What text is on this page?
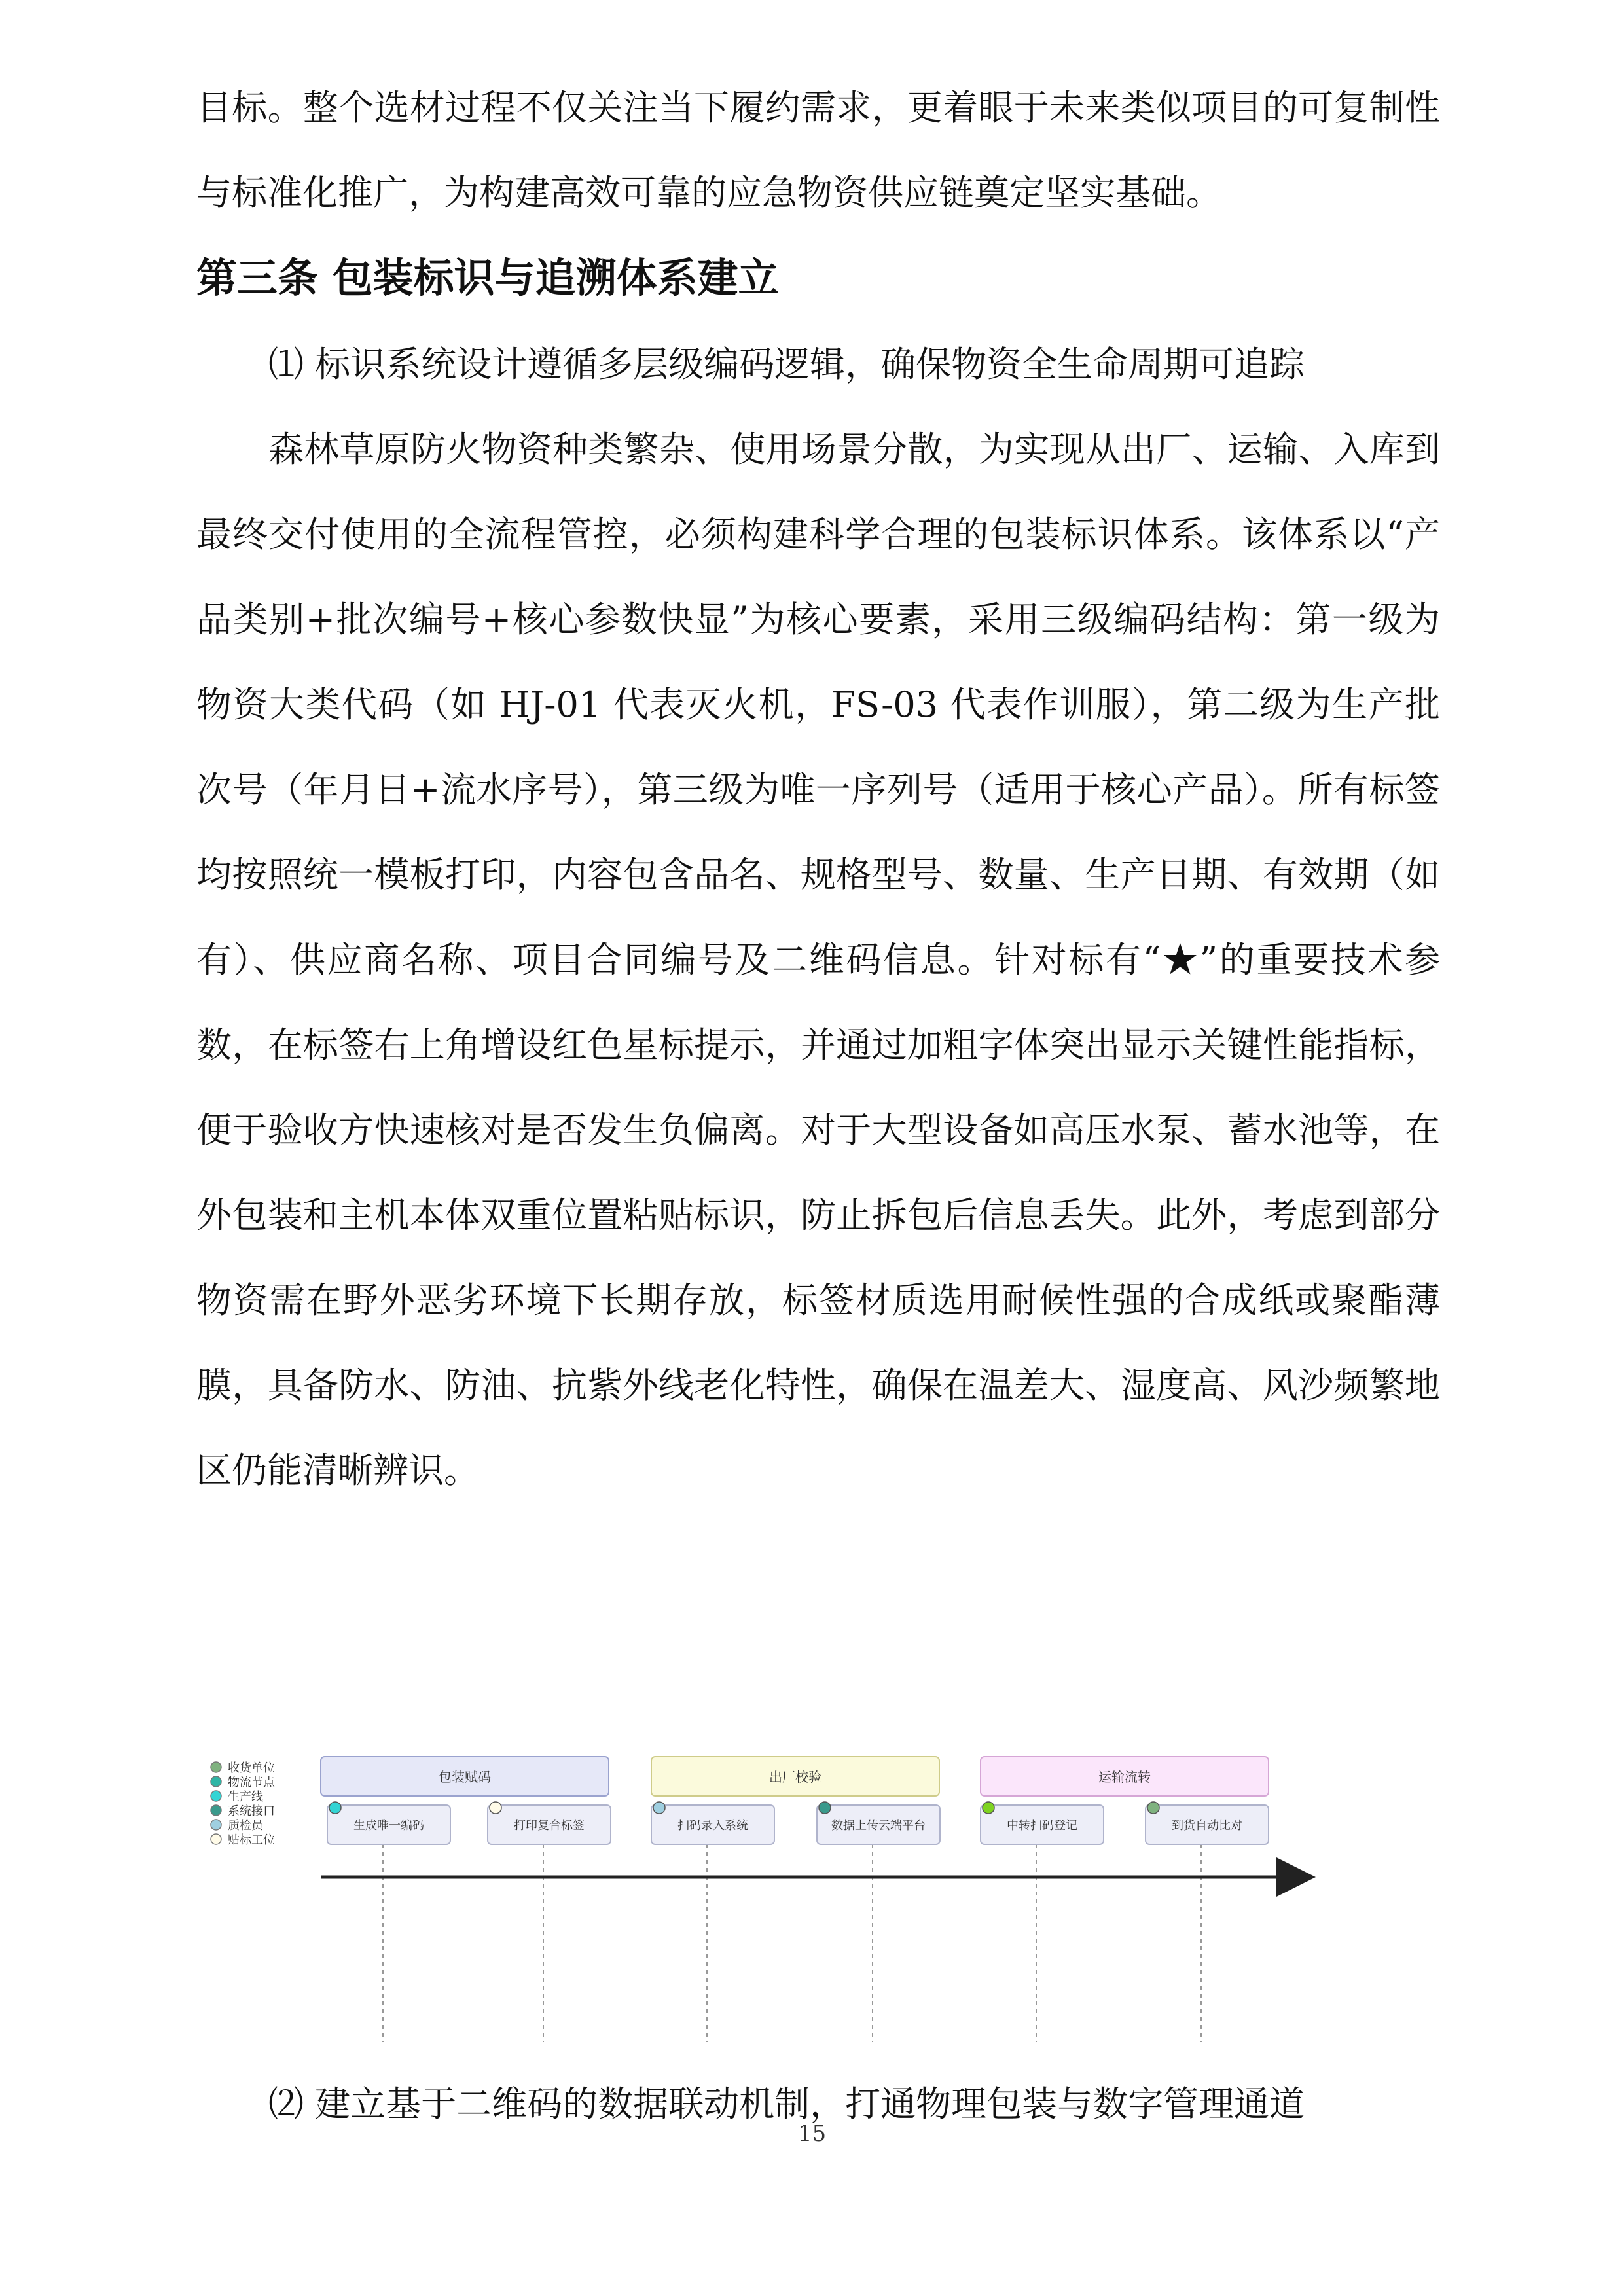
目标。整个选材过程不仅关注当下履约需求，更着眼于未来类似项目的可复制性与标准化推广，为构建高效可靠的应急物资供应链奠定坚实基础。

第三条 包装标识与追溯体系建立

⑴ 标识系统设计遵循多层级编码逻辑，确保物资全生命周期可追踪

森林草原防火物资种类繁杂、使用场景分散，为实现从出厂、运输、入库到最终交付使用的全流程管控，必须构建科学合理的包装标识体系。该体系以“产品类别+批次编号+核心参数快显”为核心要素，采用三级编码结构：第一级为物资大类代码（如 HJ-01 代表灭火机，FS-03 代表作训服），第二级为生产批次号（年月日+流水序号），第三级为唯一序列号（适用于核心产品）。所有标签均按照统一模板打印，内容包含品名、规格型号、数量、生产日期、有效期（如有）、供应商名称、项目合同编号及二维码信息。针对标有“★”的重要技术参数，在标签右上角增设红色星标提示，并通过加粗字体突出显示关键性能指标，便于验收方快速核对是否发生负偏离。对于大型设备如高压水泵、蓄水池等，在外包装和主机本体双重位置粘贴标识，防止拆包后信息丢失。此外，考虑到部分物资需在野外恶劣环境下长期存放，标签材质选用耐候性强的合成纸或聚酯薄膜，具备防水、防油、抗紫外线老化特性，确保在温差大、湿度高、风沙频繁地区仍能清晰辨识。

收货单位
物流节点
生产线
系统接口
质检员
贴标工位
包装赋码	出厂校验	运输流转
生成唯一编码	打印复合标签	扫码录入系统	数据上传云端平台	中转扫码登记	到货自动比对

⑵ 建立基于二维码的数据联动机制，打通物理包装与数字管理通道

15
